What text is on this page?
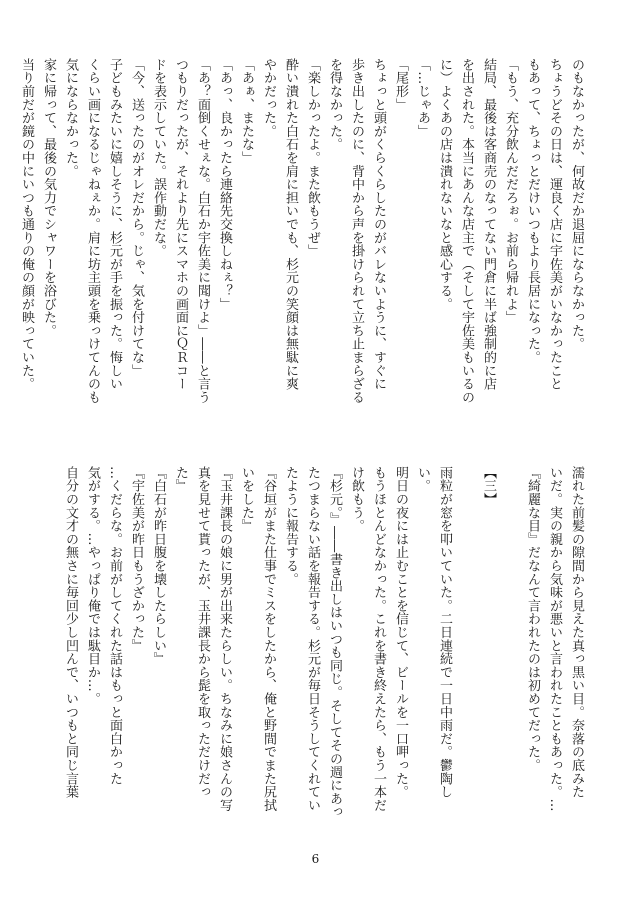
のもなかったが、何故だか退屈にならなかった。
ちょうどその日は、運良く店に宇佐美がいなかったこと
もあって、ちょっとだけいつもより長居になった。
「もう、充分飲んだだろぉ。お前ら帰れよ」
結局、最後は客商売のなってない門倉に半ば強制的に店
を出された。本当にあんな店主で（そして宇佐美もいるの
に）よくあの店は潰れないなと感心する。
「…じゃあ」
「尾形」
ちょっと頭がくらくらしたのがバレないように、すぐに
歩き出したのに、背中から声を掛けられて立ち止まらざる
を得なかった。
「楽しかったよ。また飲もうぜ」
酔い潰れた白石を肩に担いでも、杉元の笑顔は無駄に爽
やかだった。
「あぁ、またな」
「あっ、良かったら連絡先交換しねぇ？」
「あ？面倒くせぇな。白石か宇佐美に聞けよ」――と言う
つもりだったが、それより先にスマホの画面にＱＲコー
ドを表示していた。誤作動だな。
「今、送ったのがオレだから。じゃ、気を付けてな」
子どもみたいに嬉しそうに、杉元が手を振った。悔しい
くらい画になるじゃねぇか。肩に坊主頭を乗っけてんのも
気にならなかった。
家に帰って、最後の気力でシャワーを浴びた。
当り前だが鏡の中にいつも通りの俺の顔が映っていた。
濡れた前髪の隙間から見えた真っ黒い目。奈落の底みた
いだ。実の親から気味が悪いと言われたこともあった。…
『綺麗な目』だなんて言われたのは初めてだった。

【三】

雨粒が窓を叩いていた。二日連続で一日中雨だ。鬱陶し
い。
明日の夜には止むことを信じて、ビールを一口呷った。
もうほとんどなかった。これを書き終えたら、もう一本だ
け飲もう。
『杉元。』――書き出しはいつも同じ。そしてその週にあっ
たつまらない話を報告する。杉元が毎日そうしてくれてい
たように報告する。
『谷垣がまた仕事でミスをしたから、俺と野間でまた尻拭
いをした』
『玉井課長の娘に男が出来たらしい。ちなみに娘さんの写
真を見せて貰ったが、玉井課長から髭を取っただけだっ
た』
『白石が昨日腹を壊したらしい』
『宇佐美が昨日もうざかった』
…くだらな。お前がしてくれた話はもっと面白かった
気がする。…やっぱり俺では駄目か…。
自分の文才の無さに毎回少し凹んで、いつもと同じ言葉
6
